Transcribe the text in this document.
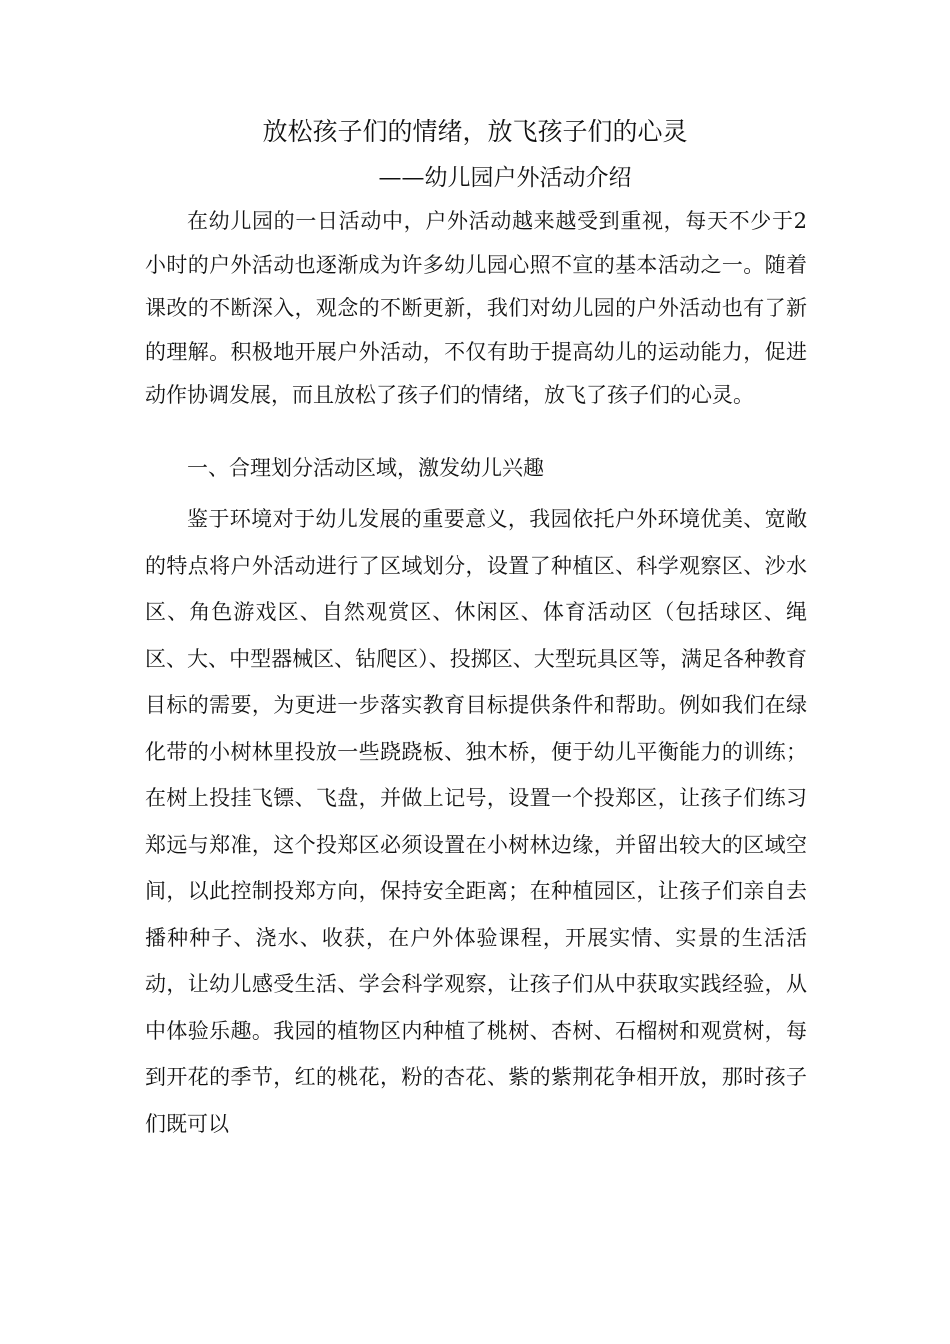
放松孩子们的情绪，放飞孩子们的心灵
——幼儿园户外活动介绍

在幼儿园的一日活动中，户外活动越来越受到重视，每天不少于2小时的户外活动也逐渐成为许多幼儿园心照不宣的基本活动之一。随着课改的不断深入，观念的不断更新，我们对幼儿园的户外活动也有了新的理解。积极地开展户外活动，不仅有助于提高幼儿的运动能力，促进动作协调发展，而且放松了孩子们的情绪，放飞了孩子们的心灵。

一、合理划分活动区域，激发幼儿兴趣

鉴于环境对于幼儿发展的重要意义，我园依托户外环境优美、宽敞的特点将户外活动进行了区域划分，设置了种植区、科学观察区、沙水区、角色游戏区、自然观赏区、休闲区、体育活动区（包括球区、绳区、大、中型器械区、钻爬区）、投掷区、大型玩具区等，满足各种教育目标的需要，为更进一步落实教育目标提供条件和帮助。例如我们在绿化带的小树林里投放一些跷跷板、独木桥，便于幼儿平衡能力的训练；在树上投挂飞镖、飞盘，并做上记号，设置一个投郑区，让孩子们练习郑远与郑准，这个投郑区必须设置在小树林边缘，并留出较大的区域空间，以此控制投郑方向，保持安全距离；在种植园区，让孩子们亲自去播种种子、浇水、收获，在户外体验课程，开展实情、实景的生活活动，让幼儿感受生活、学会科学观察，让孩子们从中获取实践经验，从中体验乐趣。我园的植物区内种植了桃树、杏树、石榴树和观赏树，每到开花的季节，红的桃花，粉的杏花、紫的紫荆花争相开放，那时孩子们既可以
